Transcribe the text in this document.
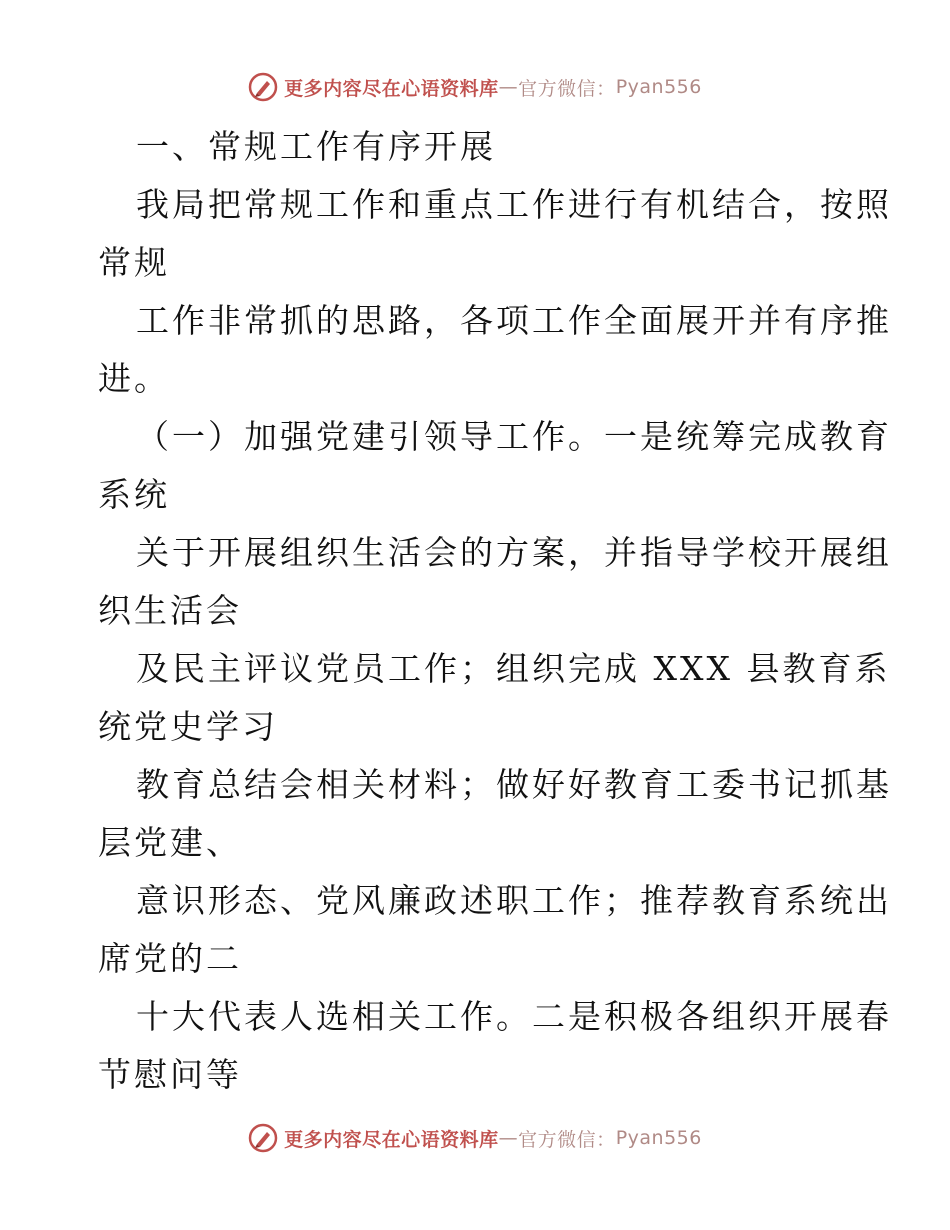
更多内容尽在心语资料库 — 官方微信： Pyan556
一、常规工作有序开展
我局把常规工作和重点工作进行有机结合，按照
常规
工作非常抓的思路，各项工作全面展开并有序推
进。
（一）加强党建引领导工作。一是统筹完成教育
系统
关于开展组织生活会的方案，并指导学校开展组
织生活会
及民主评议党员工作；组织完成 XXX 县教育系
统党史学习
教育总结会相关材料；做好好教育工委书记抓基
层党建、
意识形态、党风廉政述职工作；推荐教育系统出
席党的二
十大代表人选相关工作。二是积极各组织开展春
节慰问等
更多内容尽在心语资料库 — 官方微信： Pyan556
